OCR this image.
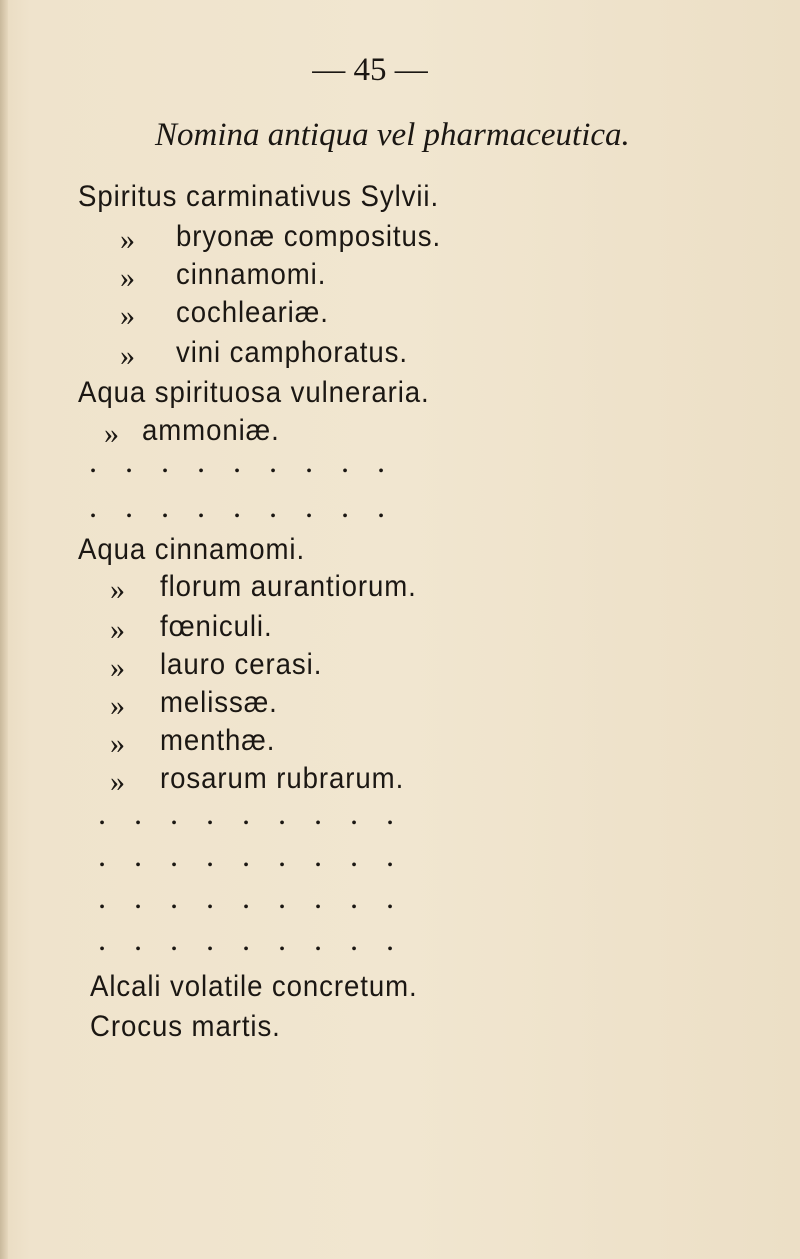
— 45 —
Nomina antiqua vel pharmaceutica.
Spiritus carminativus Sylvii.
» bryonæ compositus.
» cinnamomi.
» cochleariæ.
» vini camphoratus.
Aqua spirituosa vulneraria.
» ammoniæ.
• • • • • • • • •
• • • • • • • • •
Aqua cinnamomi.
» florum aurantiorum.
» fœniculi.
» lauro cerasi.
» melissæ.
» menthæ.
» rosarum rubrarum.
• • • • • • • • •
• • • • • • • • •
• • • • • • • • •
• • • • • • • • •
Alcali volatile concretum.
Crocus martis.
